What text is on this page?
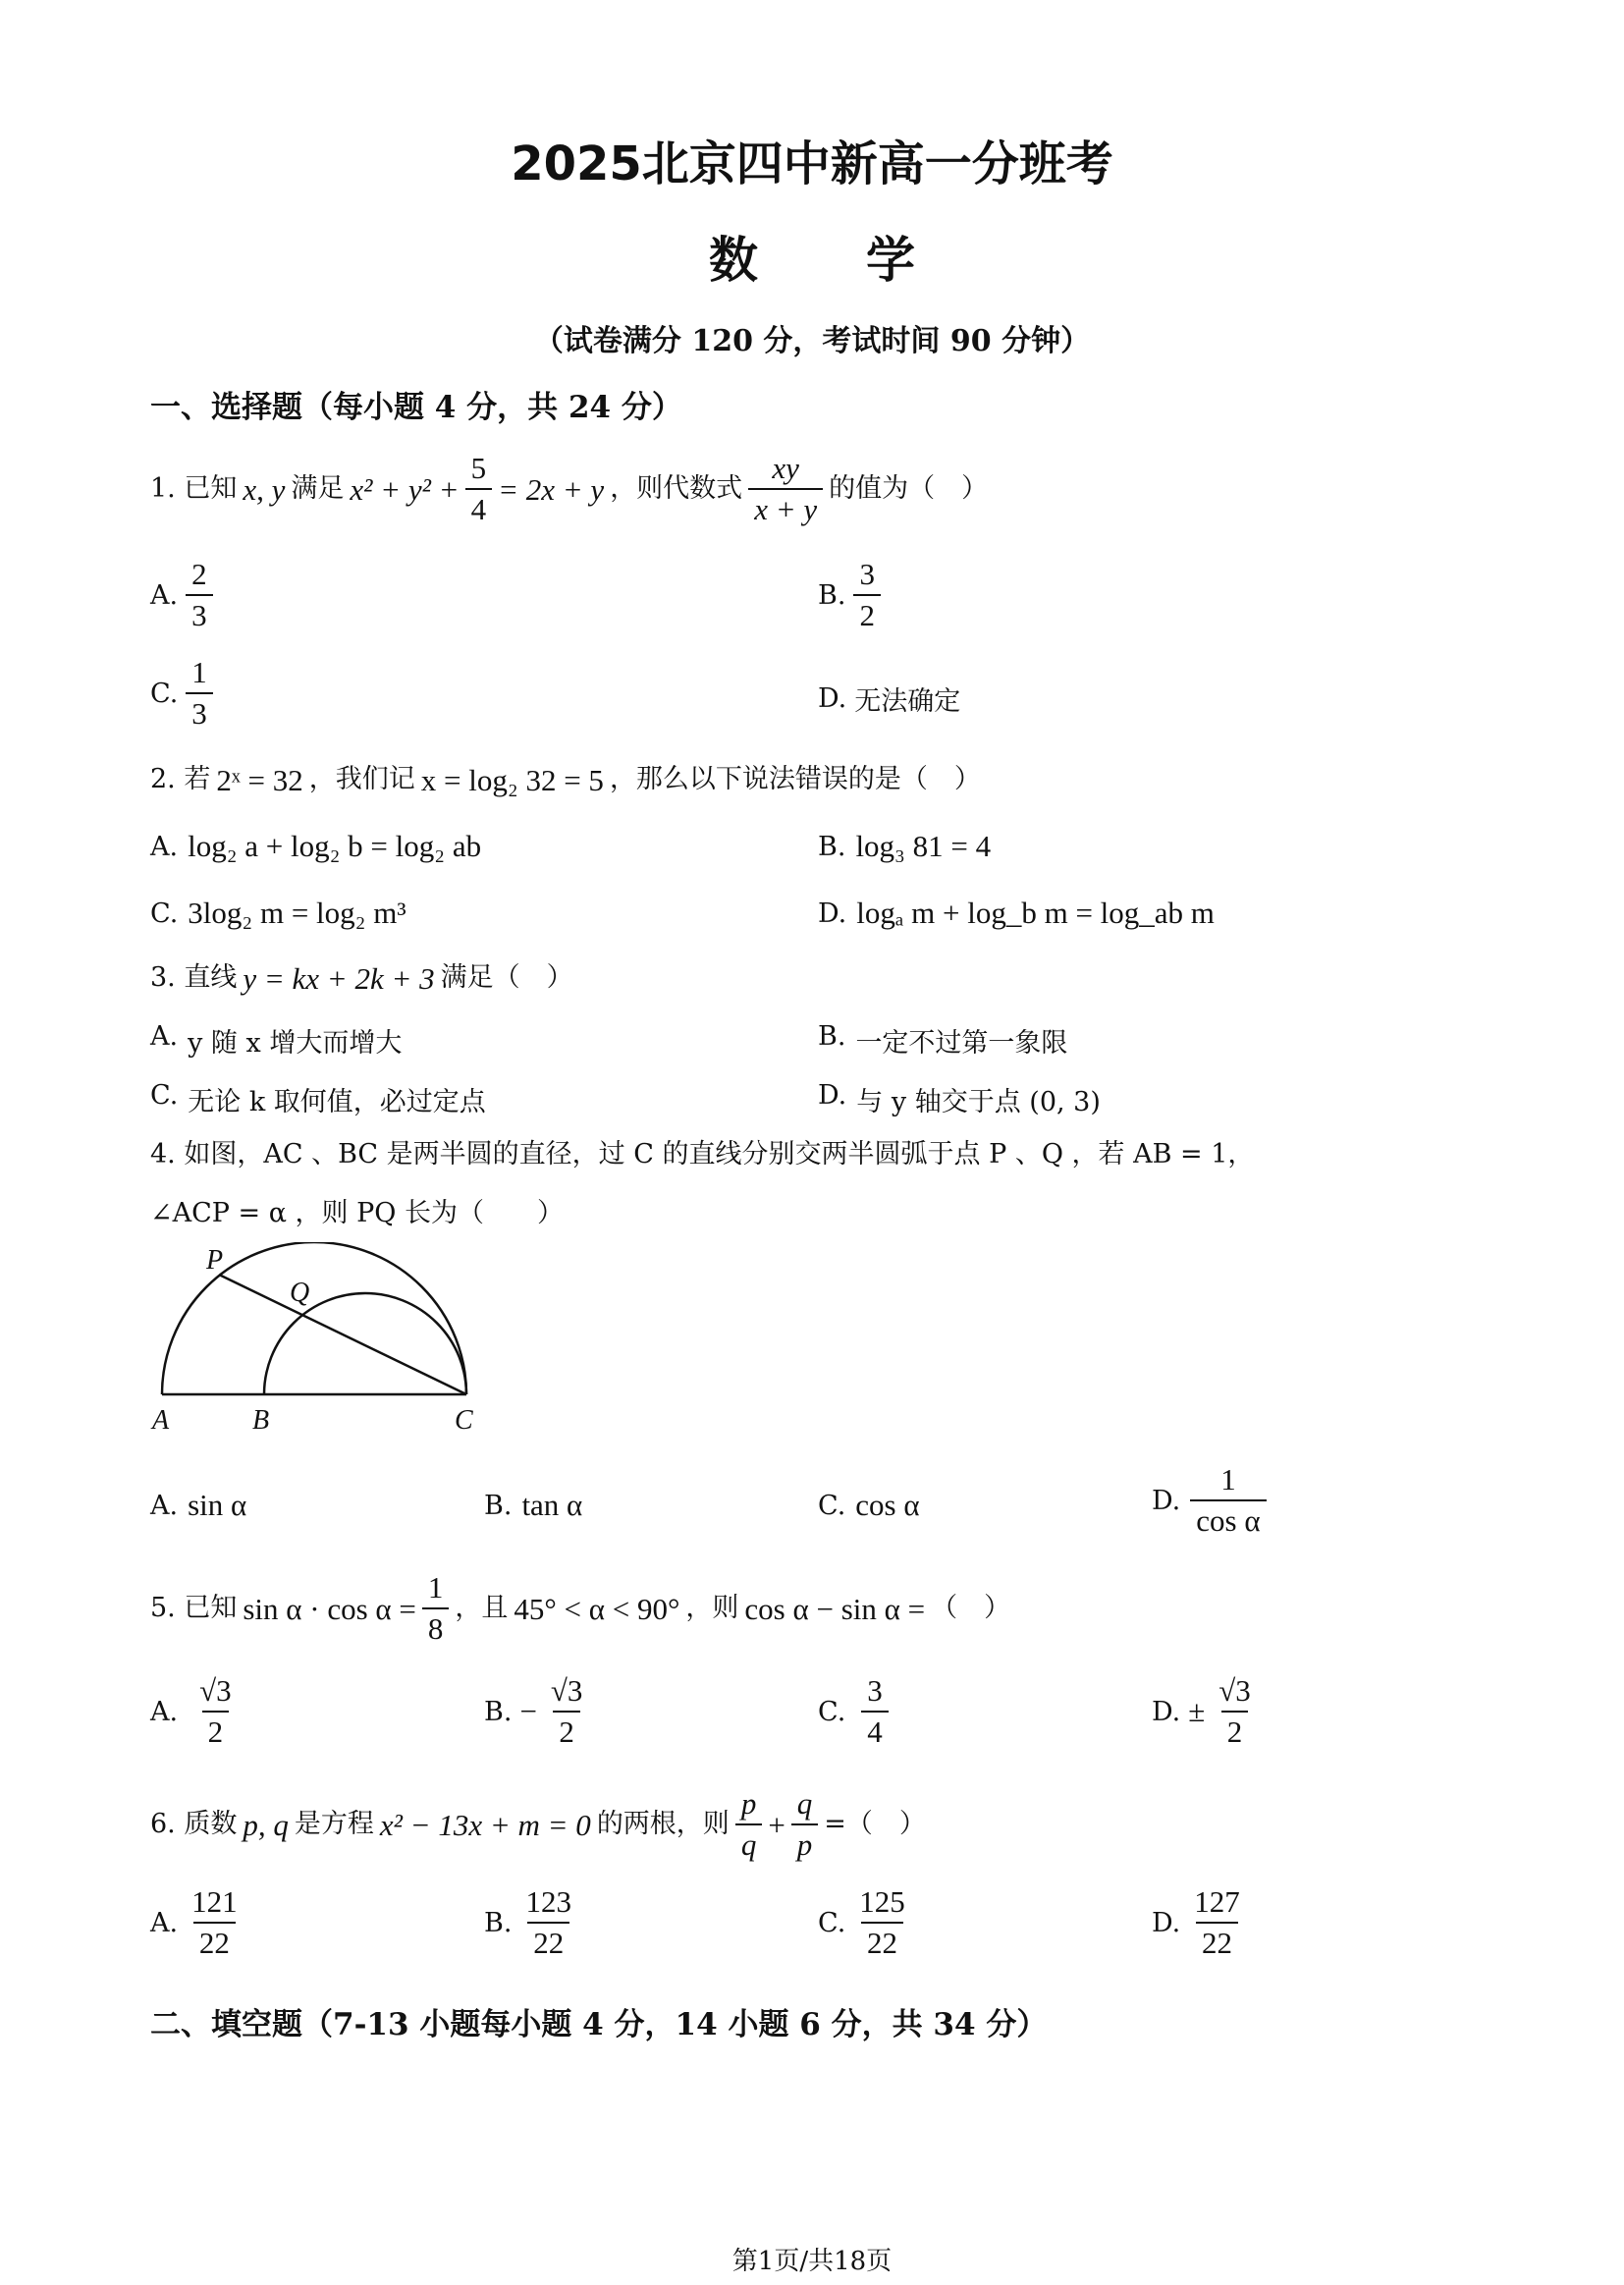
2025北京四中新高一分班考
数学
（试卷满分 120 分，考试时间 90 分钟）
一、选择题（每小题 4 分，共 24 分）
1. 已知 x, y 满足 $x^2 + y^2 + \frac{5}{4} = 2x + y$ ，则代数式 $\frac{xy}{x + y}$ 的值为（　）
A. $\frac{2}{3}$	B. $\frac{3}{2}$
C. $\frac{1}{3}$	D. 无法确定
2. 若 2ˣ = 32 ，我们记 x = log₂ 32 = 5 ，那么以下说法错误的是（　）
A. log₂ a + log₂ b = log₂ ab	B. log₃ 81 = 4
C. 3log₂ m = log₂ m³	D. logₐ m + log_b m = log_ab m
3. 直线 y = kx + 2k + 3 满足（　）
A. y 随 x 增大而增大	B. 一定不过第一象限
C. 无论 k 取何值，必过定点	D. 与 y 轴交于点 (0, 3)
4. 如图，AC 、BC 是两半圆的直径，过 C 的直线分别交两半圆弧于点 P 、Q ，若 AB = 1，
∠ACP = α ，则 PQ 长为（　　）
P
Q
A	B	C
A. sin α	B. tan α	C. cos α	D. $\frac{1}{\text{cos α}}$
5. 已知 $\sin \alpha \cdot \cos \alpha = \frac{1}{8}$ ，且 45° < α < 90° ，则 cos α − sin α = （　）
A. $\frac{√3}{2}$	B. − $\frac{√3}{2}$	C. $\frac{3}{4}$	D. ± $\frac{√3}{2}$
6. 质数 p, q 是方程 x² − 13x + m = 0 的两根，则 $\frac{p}{q} + \frac{q}{p}$ =（　）
A. $\frac{121}{22}$	B. $\frac{123}{22}$	C. $\frac{125}{22}$	D. $\frac{127}{22}$
二、填空题（7-13 小题每小题 4 分，14 小题 6 分，共 34 分）
第1页/共18页
